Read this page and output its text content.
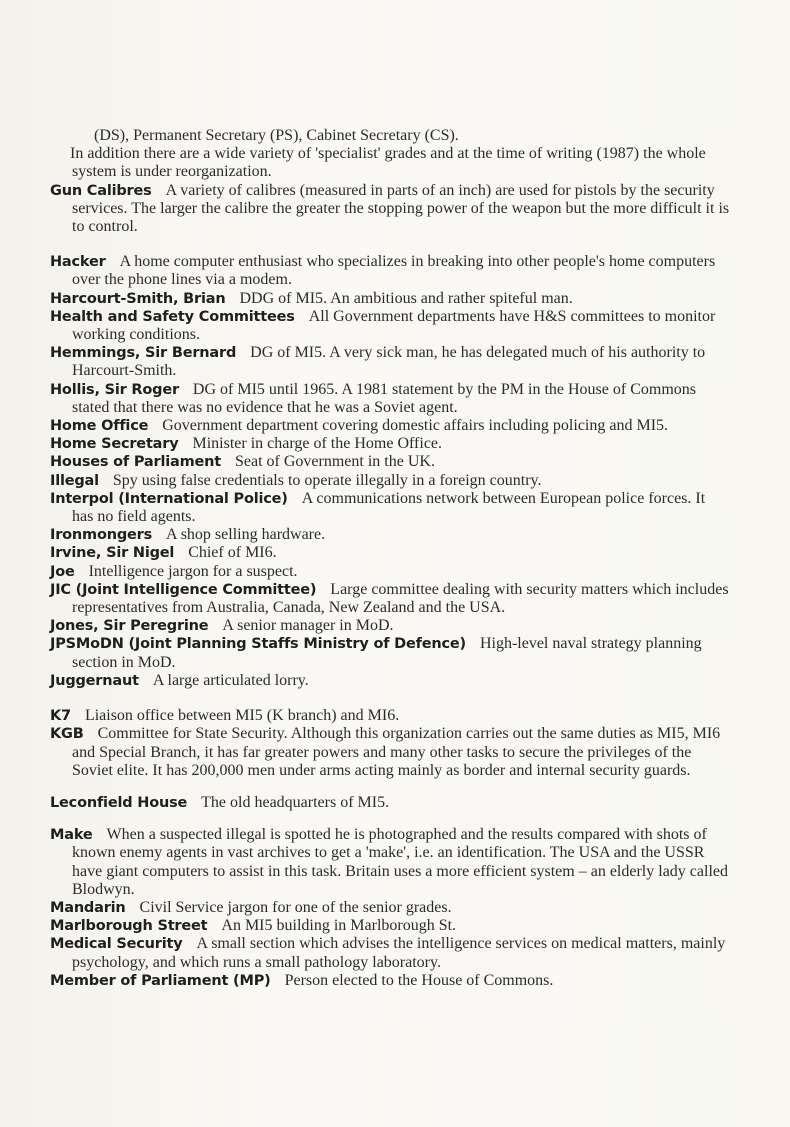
(DS), Permanent Secretary (PS), Cabinet Secretary (CS).

In addition there are a wide variety of 'specialist' grades and at the time of writing (1987) the whole system is under reorganization.

Gun Calibres A variety of calibres (measured in parts of an inch) are used for pistols by the security services. The larger the calibre the greater the stopping power of the weapon but the more difficult it is to control.

Hacker A home computer enthusiast who specializes in breaking into other people's home computers over the phone lines via a modem.

Harcourt-Smith, Brian DDG of MI5. An ambitious and rather spiteful man.

Health and Safety Committees All Government departments have H&S committees to monitor working conditions.

Hemmings, Sir Bernard DG of MI5. A very sick man, he has delegated much of his authority to Harcourt-Smith.

Hollis, Sir Roger DG of MI5 until 1965. A 1981 statement by the PM in the House of Commons stated that there was no evidence that he was a Soviet agent.

Home Office Government department covering domestic affairs including policing and MI5.

Home Secretary Minister in charge of the Home Office.

Houses of Parliament Seat of Government in the UK.

Illegal Spy using false credentials to operate illegally in a foreign country.

Interpol (International Police) A communications network between European police forces. It has no field agents.

Ironmongers A shop selling hardware.

Irvine, Sir Nigel Chief of MI6.

Joe Intelligence jargon for a suspect.

JIC (Joint Intelligence Committee) Large committee dealing with security matters which includes representatives from Australia, Canada, New Zealand and the USA.

Jones, Sir Peregrine A senior manager in MoD.

JPSMoDN (Joint Planning Staffs Ministry of Defence) High-level naval strategy planning section in MoD.

Juggernaut A large articulated lorry.

K7 Liaison office between MI5 (K branch) and MI6.

KGB Committee for State Security. Although this organization carries out the same duties as MI5, MI6 and Special Branch, it has far greater powers and many other tasks to secure the privileges of the Soviet elite. It has 200,000 men under arms acting mainly as border and internal security guards.

Leconfield House The old headquarters of MI5.

Make When a suspected illegal is spotted he is photographed and the results compared with shots of known enemy agents in vast archives to get a 'make', i.e. an identification. The USA and the USSR have giant computers to assist in this task. Britain uses a more efficient system – an elderly lady called Blodwyn.

Mandarin Civil Service jargon for one of the senior grades.

Marlborough Street An MI5 building in Marlborough St.

Medical Security A small section which advises the intelligence services on medical matters, mainly psychology, and which runs a small pathology laboratory.

Member of Parliament (MP) Person elected to the House of Commons.
